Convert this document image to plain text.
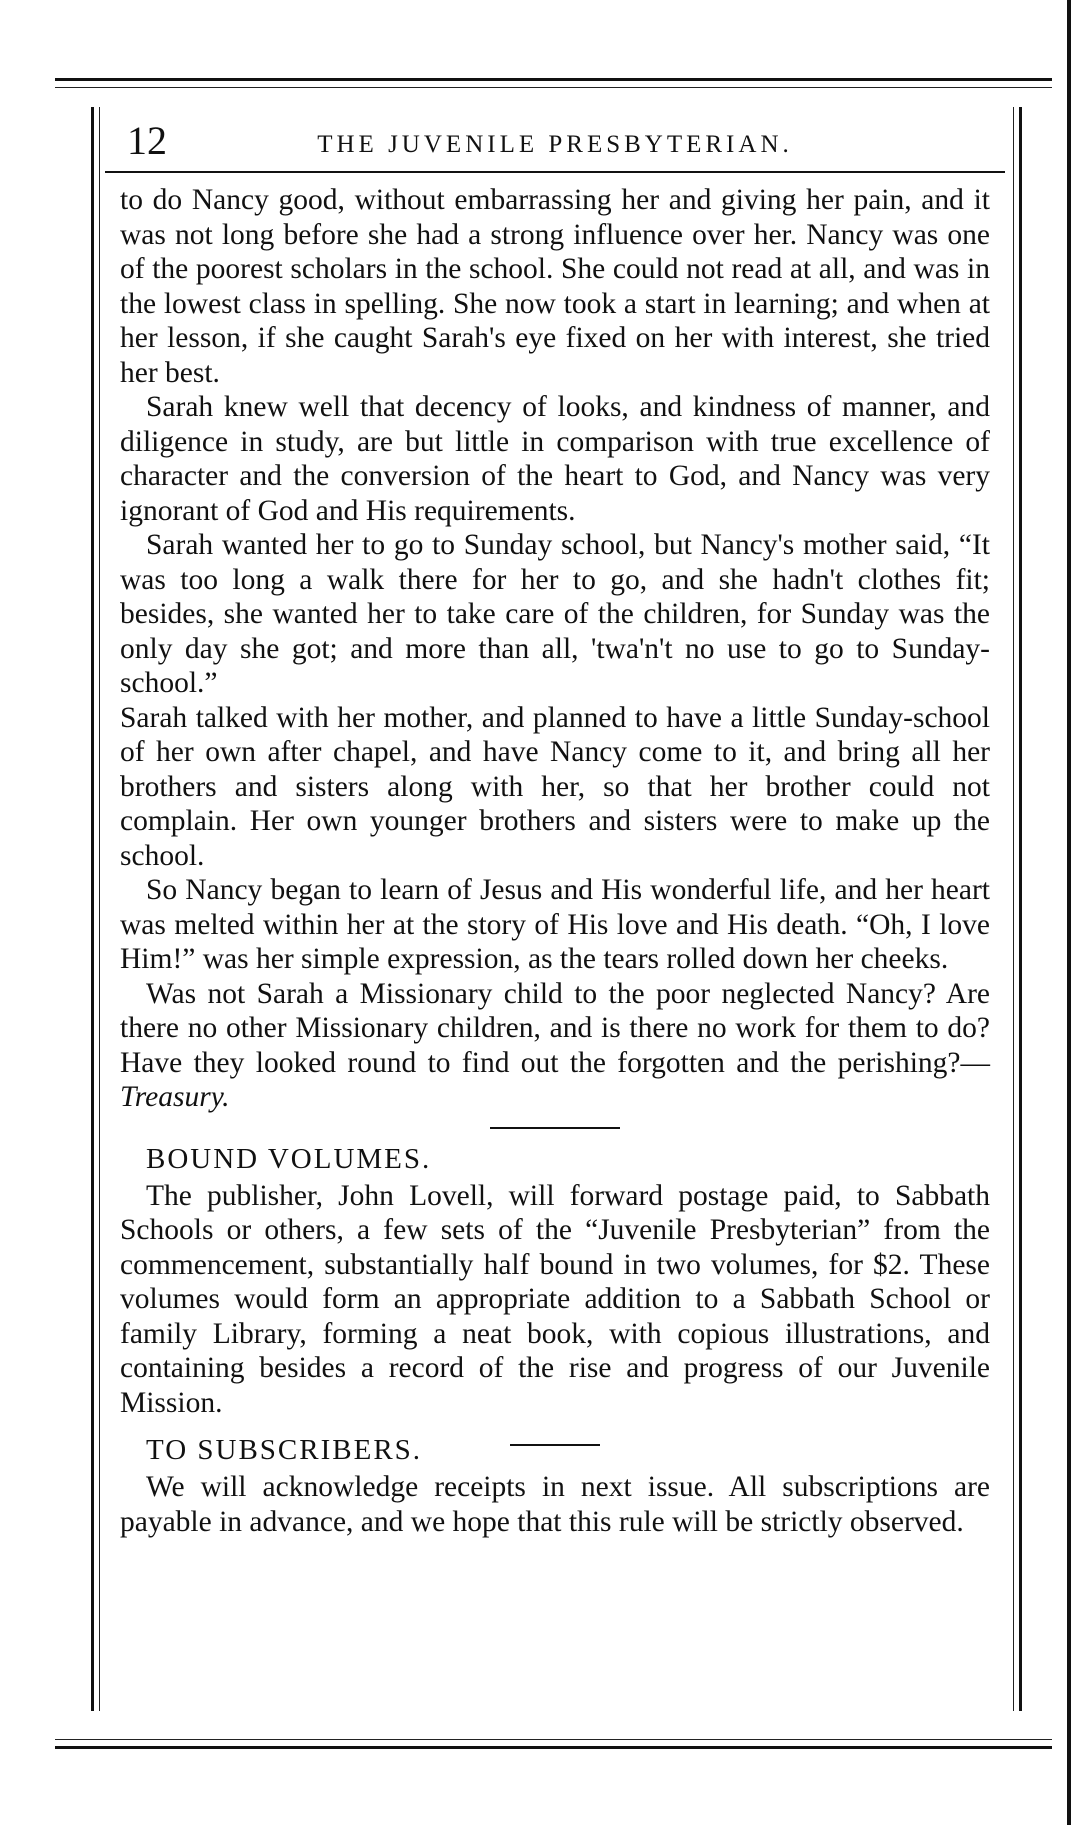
12	THE JUVENILE PRESBYTERIAN.

to do Nancy good, without embarrassing her and giving her pain, and it was not long before she had a strong influence over her. Nancy was one of the poorest scholars in the school. She could not read at all, and was in the lowest class in spelling. She now took a start in learning; and when at her lesson, if she caught Sarah's eye fixed on her with interest, she tried her best.

Sarah knew well that decency of looks, and kindness of manner, and diligence in study, are but little in comparison with true excellence of character and the conversion of the heart to God, and Nancy was very ignorant of God and His requirements.

Sarah wanted her to go to Sunday school, but Nancy's mother said, “It was too long a walk there for her to go, and she hadn't clothes fit; besides, she wanted her to take care of the children, for Sunday was the only day she got; and more than all, 'twa'n't no use to go to Sunday-school.”

Sarah talked with her mother, and planned to have a little Sunday-school of her own after chapel, and have Nancy come to it, and bring all her brothers and sisters along with her, so that her brother could not complain. Her own younger brothers and sisters were to make up the school.

So Nancy began to learn of Jesus and His wonderful life, and her heart was melted within her at the story of His love and His death. “Oh, I love Him!” was her simple expression, as the tears rolled down her cheeks.

Was not Sarah a Missionary child to the poor neglected Nancy? Are there no other Missionary children, and is there no work for them to do? Have they looked round to find out the forgotten and the perishing?—Treasury.

BOUND VOLUMES.

The publisher, John Lovell, will forward postage paid, to Sabbath Schools or others, a few sets of the “Juvenile Presbyterian” from the commencement, substantially half bound in two volumes, for $2. These volumes would form an appropriate addition to a Sabbath School or family Library, forming a neat book, with copious illustrations, and containing besides a record of the rise and progress of our Juvenile Mission.

TO SUBSCRIBERS.

We will acknowledge receipts in next issue. All subscriptions are payable in advance, and we hope that this rule will be strictly observed.
